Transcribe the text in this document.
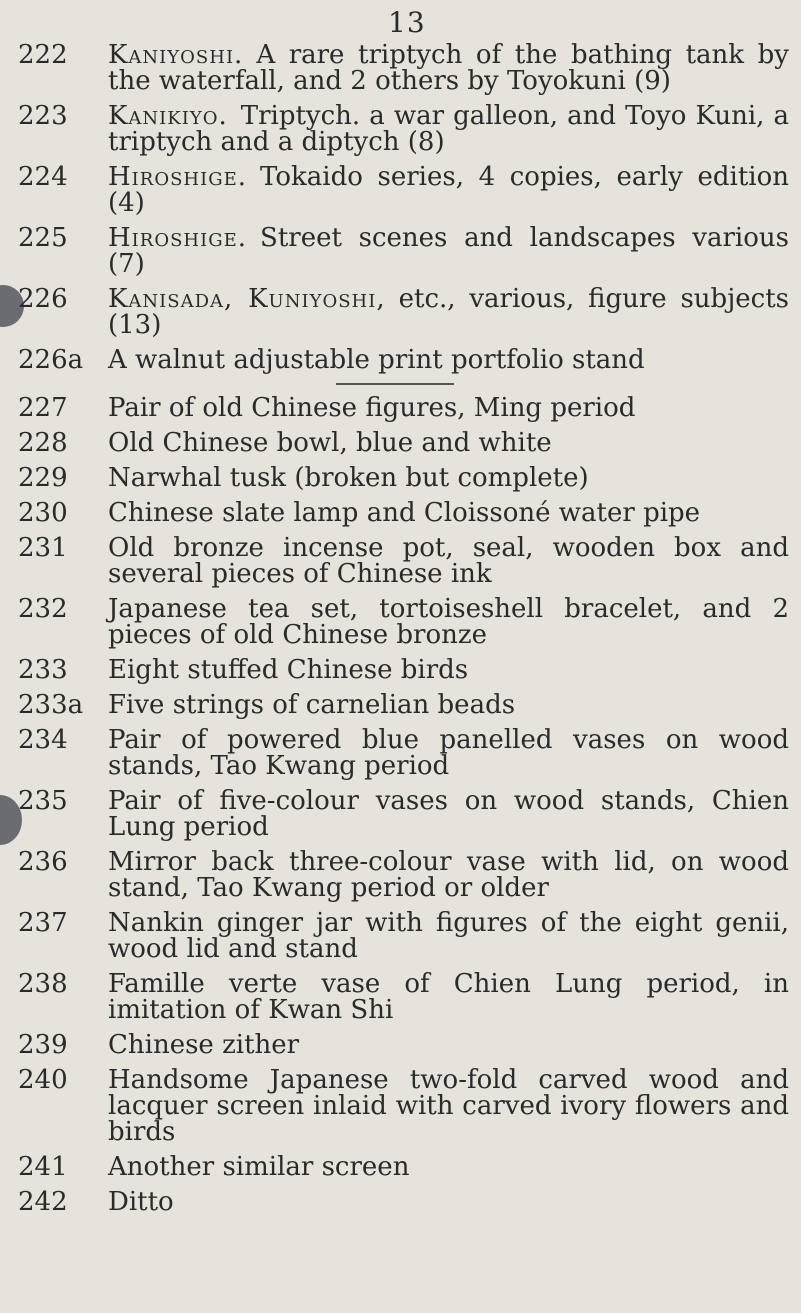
13
222	Kaniyoshi.  A rare triptych of the bathing tank by the waterfall, and 2 others by Toyokuni (9)
223	Kanikiyo.  Triptych. a war galleon, and Toyo Kuni, a triptych and a diptych (8)
224	Hiroshige.  Tokaido series, 4 copies, early edition (4)
225	Hiroshige.  Street scenes and landscapes various (7)
226	Kanisada, Kuniyoshi,  etc., various, figure subjects (13)
226a A walnut adjustable print portfolio stand
227	Pair of old Chinese figures, Ming period
228	Old Chinese bowl, blue and white
229	Narwhal tusk (broken but complete)
230	Chinese slate lamp and Cloissoné water pipe
231	Old bronze incense pot, seal, wooden box and several pieces of Chinese ink
232	Japanese tea set, tortoiseshell bracelet, and 2 pieces of old Chinese bronze
233	Eight stuffed Chinese birds
233a Five strings of carnelian beads
234	Pair of powered blue panelled vases on wood stands, Tao Kwang period
235	Pair of five-colour vases on wood stands, Chien Lung period
236	Mirror back three-colour vase with lid, on wood stand, Tao Kwang period or older
237	Nankin ginger jar with figures of the eight genii, wood lid and stand
238	Famille verte vase of Chien Lung period, in imitation of Kwan Shi
239	Chinese zither
240	Handsome Japanese two-fold carved wood and lacquer screen inlaid with carved ivory flowers and birds
241	Another similar screen
242	Ditto
